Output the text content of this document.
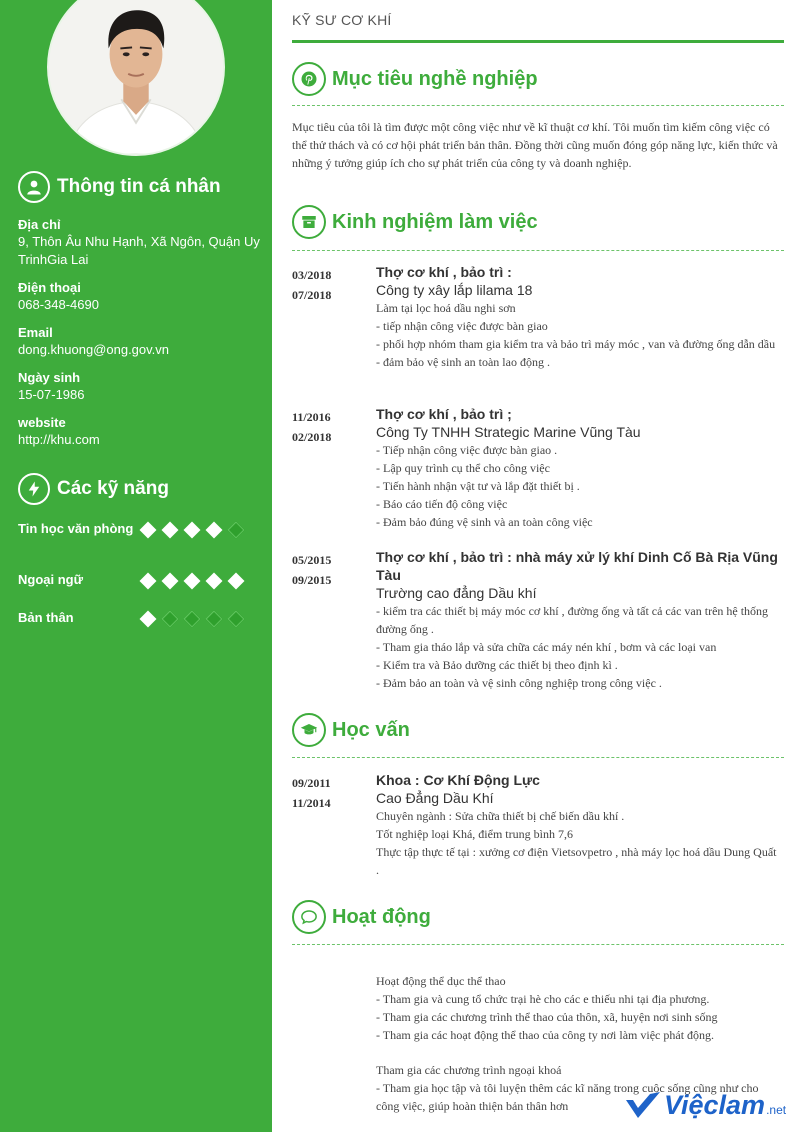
Thông tin cá nhân
Địa chỉ
9, Thôn Âu Nhu Hạnh, Xã Ngôn, Quận Uy TrinhGia Lai
Điện thoại
068-348-4690
Email
dong.khuong@ong.gov.vn
Ngày sinh
15-07-1986
website
http://khu.com
Các kỹ năng
Tin học văn phòng
Ngoại ngữ
Bản thân
KỸ SƯ CƠ KHÍ
Mục tiêu nghề nghiệp
Mục tiêu của tôi là tìm được một công việc như về kĩ thuật cơ khí. Tôi muốn tìm kiếm công việc có thể thử thách và có cơ hội phát triển bản thân. Đồng thời cũng muốn đóng góp năng lực, kiến thức và những ý tưởng giúp ích cho sự phát triển của công ty và doanh nghiệp.
Kinh nghiệm làm việc
03/2018
07/2018
Thợ cơ khí , bảo trì :
Công ty xây lắp lilama 18
Làm tại lọc hoá dầu nghi sơn
- tiếp nhận công việc được bàn giao
- phối hợp nhóm tham gia kiểm tra và bảo trì máy móc , van và đường ống dẫn dầu
- đảm bảo vệ sinh an toàn lao động .
11/2016
02/2018
Thợ cơ khí , bảo trì ;
Công Ty TNHH Strategic Marine Vũng Tàu
- Tiếp nhận công việc được bàn giao .
- Lập quy trình cụ thể cho công việc
- Tiến hành nhận vật tư và lắp đặt thiết bị .
- Báo cáo tiến độ công việc
- Đảm bảo đúng vệ sinh và an toàn công việc
05/2015
09/2015
Thợ cơ khí , bảo trì : nhà máy xử lý khí Dinh Cố Bà Rịa Vũng Tàu
Trường cao đẳng Dầu khí
- kiểm tra các thiết bị máy móc cơ khí , đường ống và tất cả các van trên hệ thống đường ống .
- Tham gia tháo lắp và sửa chữa các máy nén khí , bơm và các loại van
- Kiểm tra và Bảo dưỡng các thiết bị theo định kì .
- Đảm bảo an toàn và vệ sinh công nghiệp trong công việc .
Học vấn
09/2011
11/2014
Khoa : Cơ Khí Động Lực
Cao Đẳng Dầu Khí
Chuyên ngành : Sửa chữa thiết bị chế biến dầu khí .
Tốt nghiệp loại Khá, điểm trung bình 7,6
Thực tập thực tế tại : xưởng cơ điện Vietsovpetro , nhà máy lọc hoá dầu Dung Quất .
Hoạt động
Hoạt động thể dục thể thao
- Tham gia và cung tổ chức trại hè cho các e thiếu nhi tại địa phương.
- Tham gia các chương trình thể thao của thôn, xã, huyện nơi sinh sống
- Tham gia các hoạt động thể thao của công ty nơi làm việc phát động.
Tham gia các chương trình ngoại khoá
- Tham gia học tập và tôi luyện thêm các kĩ năng trong cuộc sống cũng như cho công việc, giúp hoàn thiện bản thân hơn	Việclam .net
